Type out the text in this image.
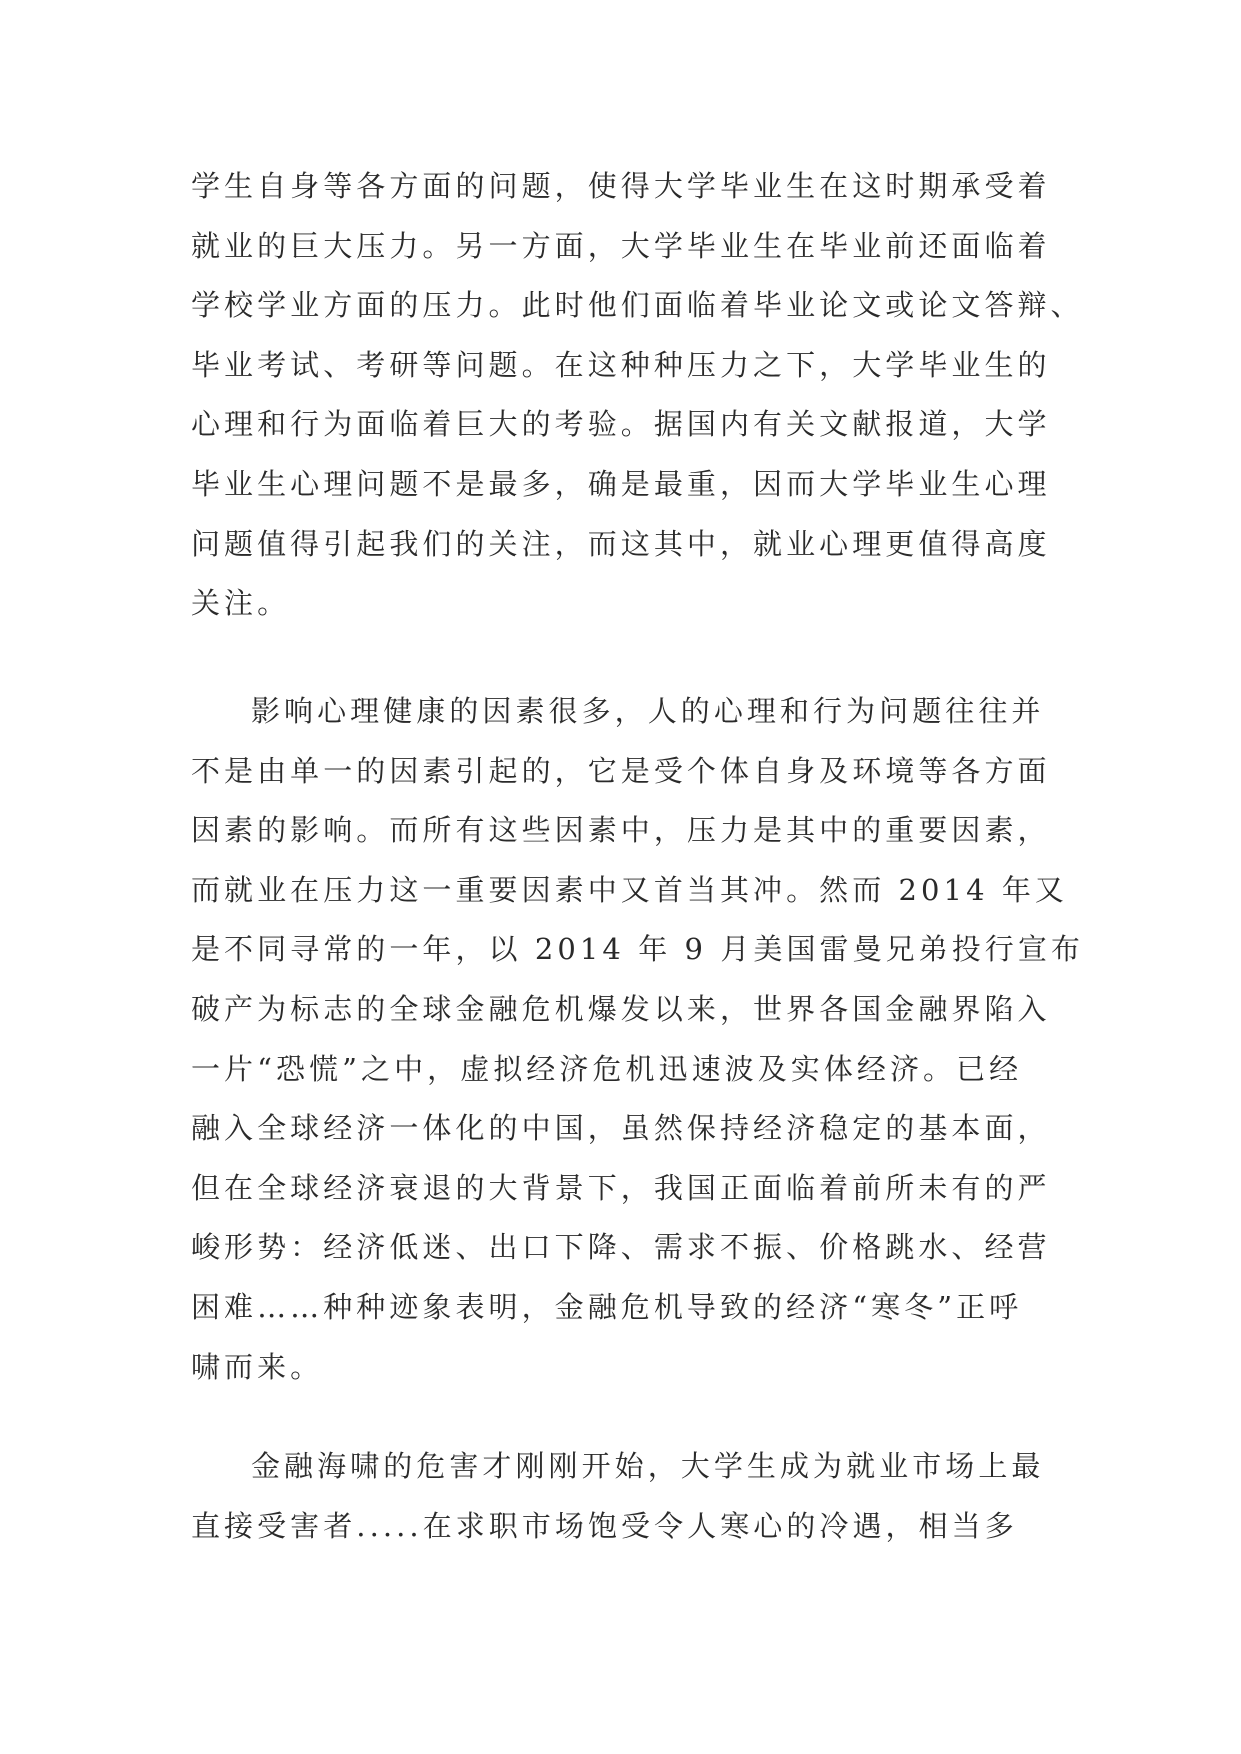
学生自身等各方面的问题，使得大学毕业生在这时期承受着
就业的巨大压力。另一方面，大学毕业生在毕业前还面临着
学校学业方面的压力。此时他们面临着毕业论文或论文答辩、
毕业考试、考研等问题。在这种种压力之下，大学毕业生的
心理和行为面临着巨大的考验。据国内有关文献报道，大学
毕业生心理问题不是最多，确是最重，因而大学毕业生心理
问题值得引起我们的关注，而这其中，就业心理更值得高度
关注。
影响心理健康的因素很多，人的心理和行为问题往往并
不是由单一的因素引起的，它是受个体自身及环境等各方面
因素的影响。而所有这些因素中，压力是其中的重要因素，
而就业在压力这一重要因素中又首当其冲。然而 2014 年又
是不同寻常的一年，以 2014 年 9 月美国雷曼兄弟投行宣布
破产为标志的全球金融危机爆发以来，世界各国金融界陷入
一片“恐慌”之中，虚拟经济危机迅速波及实体经济。已经
融入全球经济一体化的中国，虽然保持经济稳定的基本面，
但在全球经济衰退的大背景下，我国正面临着前所未有的严
峻形势：经济低迷、出口下降、需求不振、价格跳水、经营
困难……种种迹象表明，金融危机导致的经济“寒冬”正呼
啸而来。
金融海啸的危害才刚刚开始，大学生成为就业市场上最
直接受害者.....在求职市场饱受令人寒心的冷遇，相当多
